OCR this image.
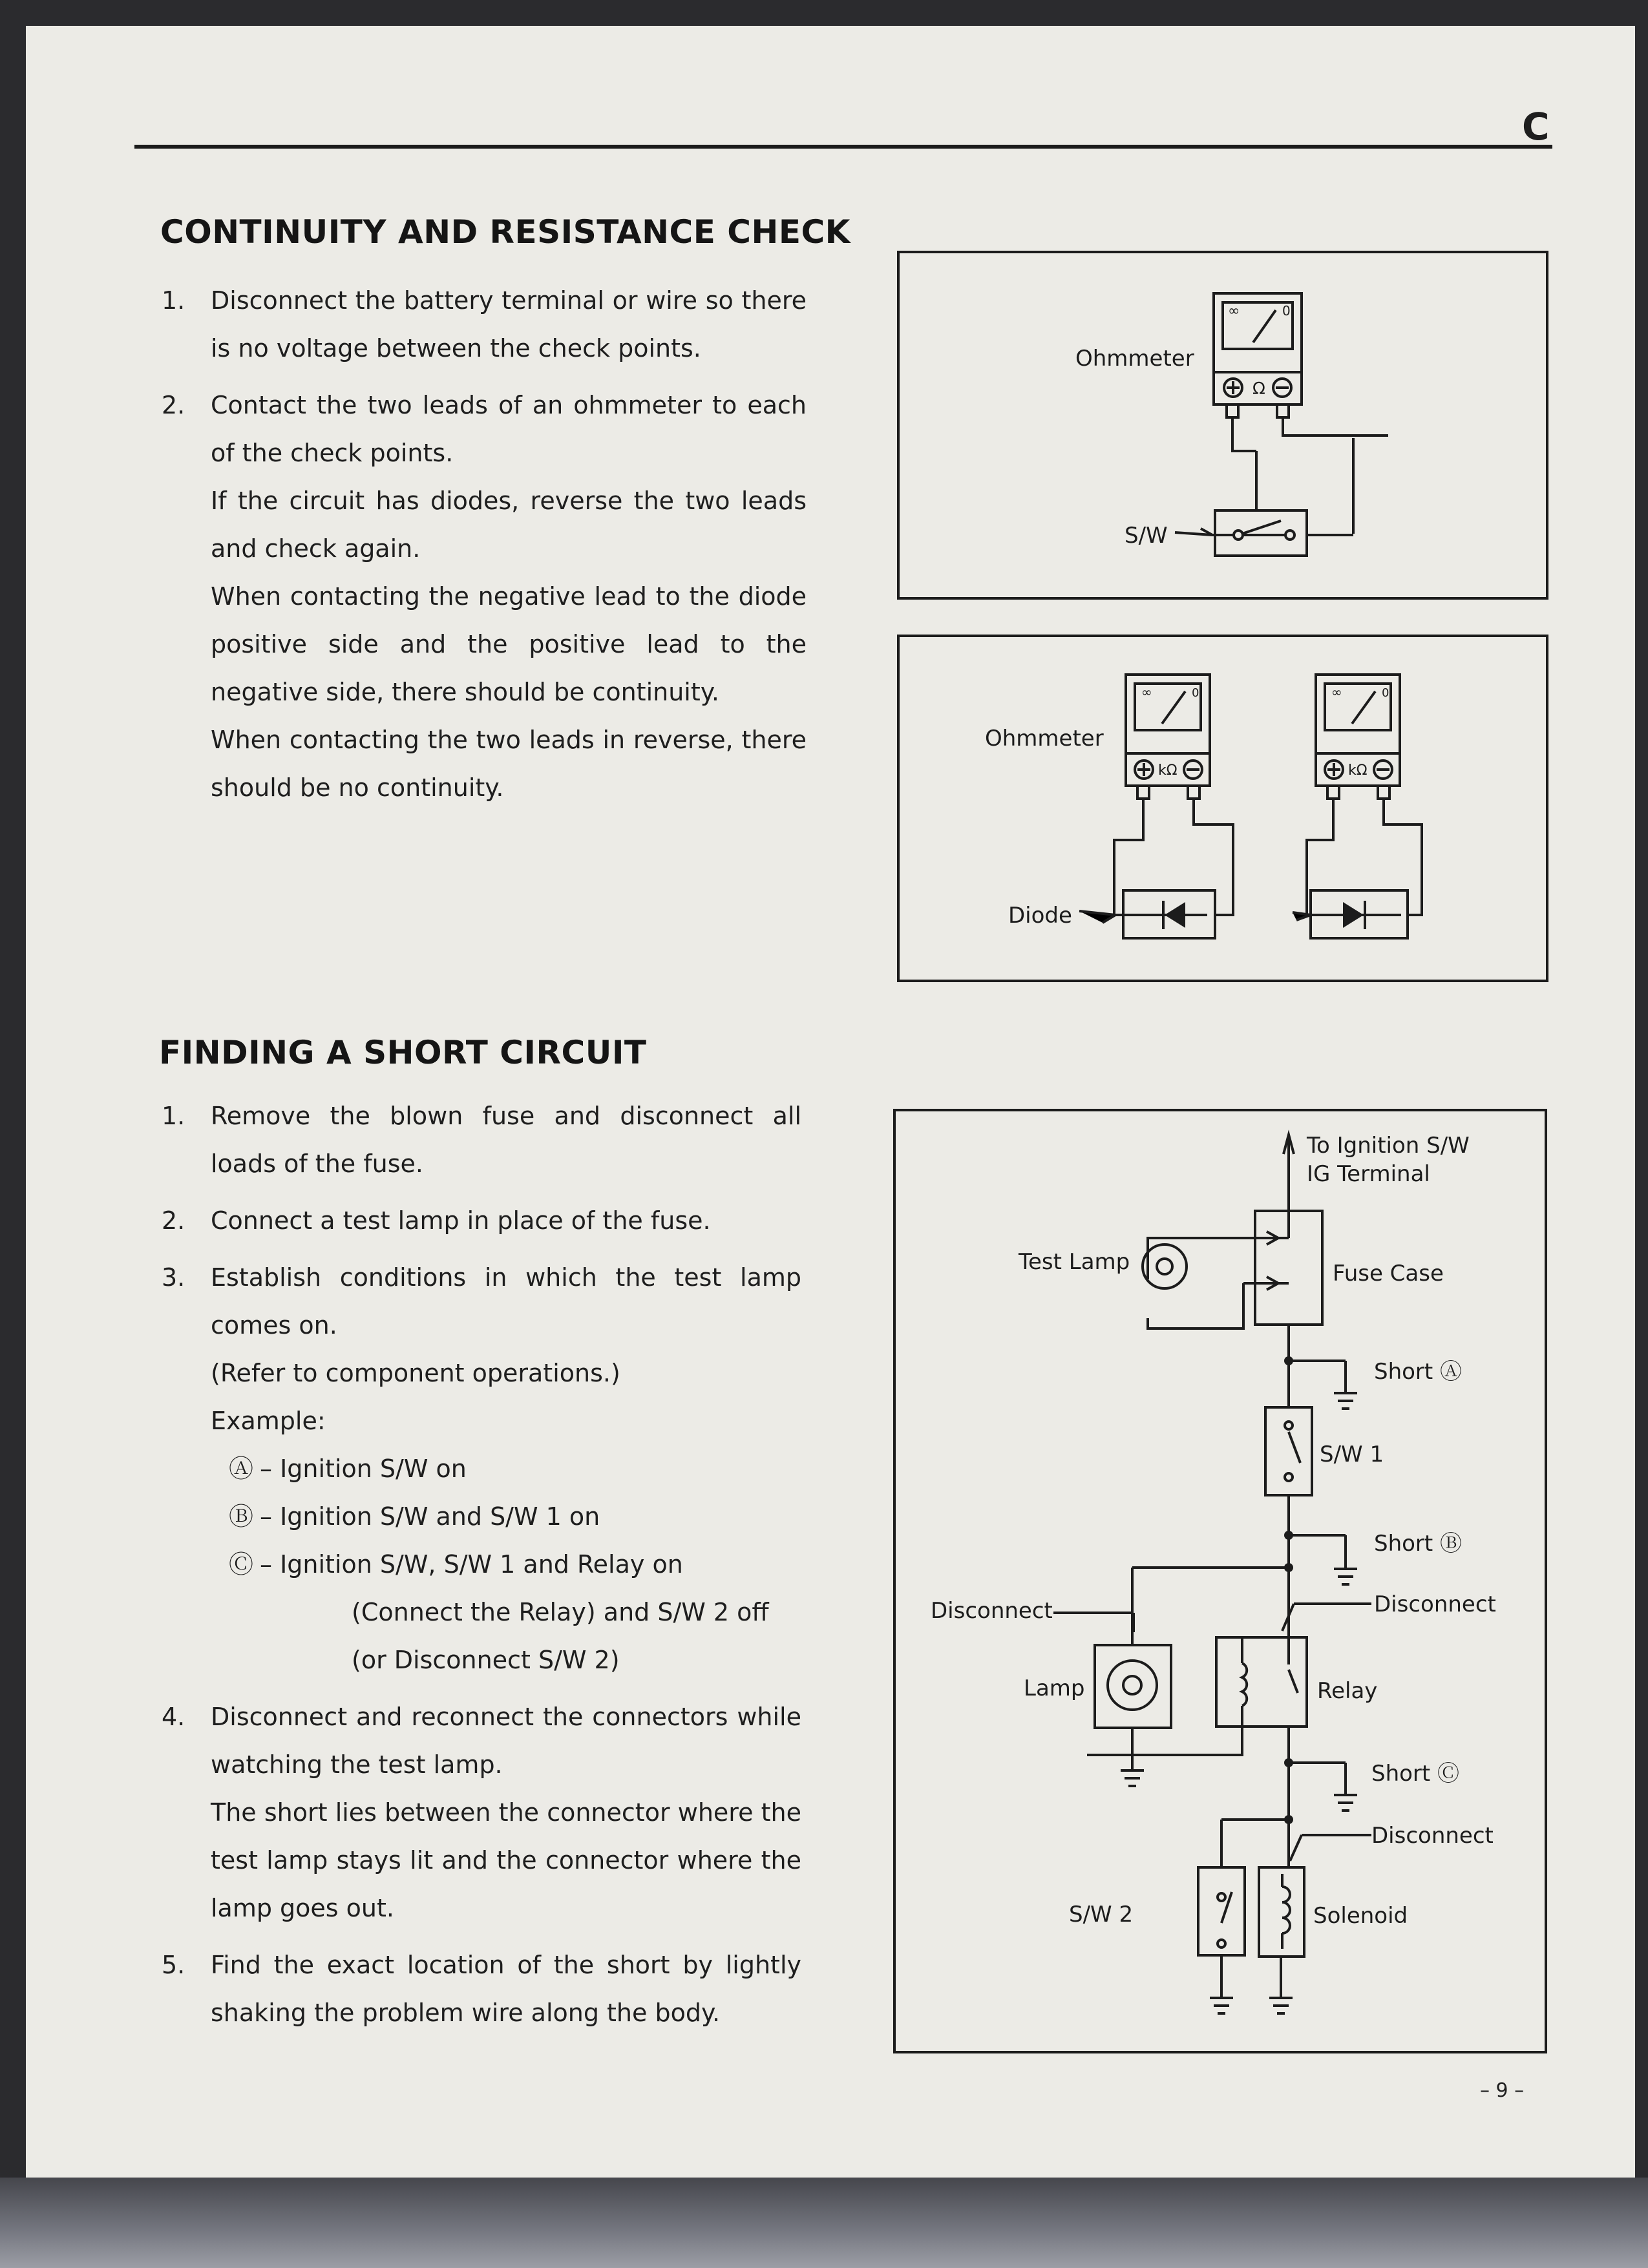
C

CONTINUITY AND RESISTANCE CHECK
1. Disconnect the battery terminal or wire so there is no voltage between the check points.

2. Contact the two leads of an ohmmeter to each of the check points.

If the circuit has diodes, reverse the two leads and check again.

When contacting the negative lead to the diode positive side and the positive lead to the negative side, there should be continuity.

When contacting the two leads in reverse, there should be no continuity.

FINDING A SHORT CIRCUIT
1. Remove the blown fuse and disconnect all loads of the fuse.

2. Connect a test lamp in place of the fuse.

3. Establish conditions in which the test lamp comes on.

(Refer to component operations.)

Example:

Ⓐ – Ignition S/W on

Ⓑ – Ignition S/W and S/W 1 on

Ⓒ – Ignition S/W, S/W 1 and Relay on

(Connect the Relay) and S/W 2 off

(or Disconnect S/W 2)

4. Disconnect and reconnect the connectors while watching the test lamp.

The short lies between the connector where the test lamp stays lit and the connector where the lamp goes out.

5. Find the exact location of the short by lightly shaking the problem wire along the body.

∞	0
Ω
Ohmmeter
S/W
∞	0	∞	0
kΩ	kΩ
Ohmmeter
Diode
To Ignition S/W
IG Terminal
Test Lamp	Fuse Case
Short Ⓐ
S/W 1
Short Ⓑ
Disconnect	Disconnect
Lamp	Relay
Short Ⓒ
Disconnect
S/W 2	Solenoid

– 9 –
